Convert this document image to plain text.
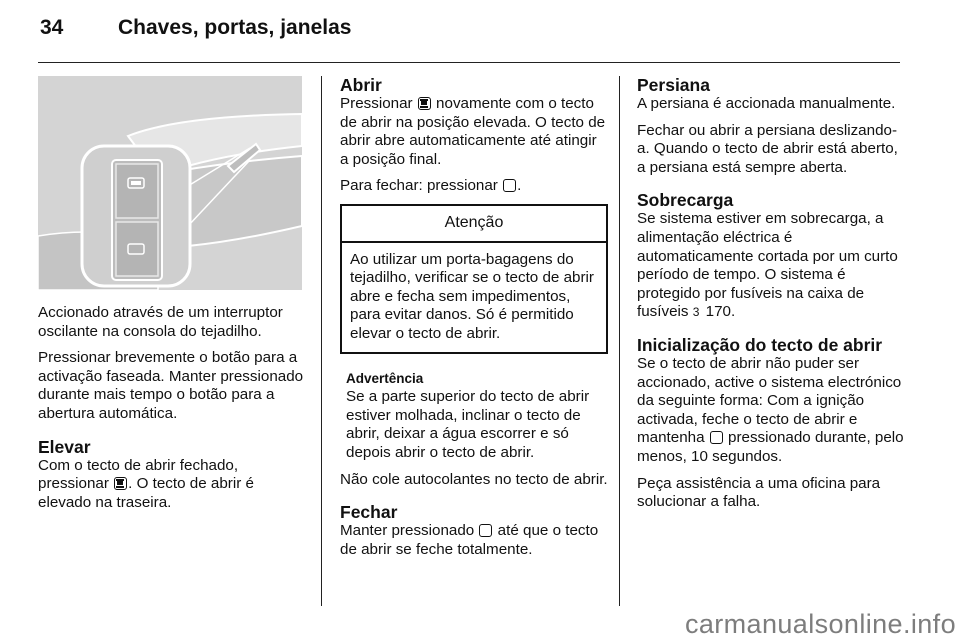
34	Chaves, portas, janelas

Accionado através de um interruptor oscilante na consola do tejadilho.

Pressionar brevemente o botão para a activação faseada. Manter pressionado durante mais tempo o botão para a abertura automática.

Elevar

Com o tecto de abrir fechado, pressionar . O tecto de abrir é elevado na traseira.

Abrir

Pressionar  novamente com o tecto de abrir na posição elevada. O tecto de abrir abre automaticamente até atingir a posição final.

Para fechar: pressionar .

Atenção
Ao utilizar um porta-bagagens do tejadilho, verificar se o tecto de abrir abre e fecha sem impedimentos, para evitar danos. Só é permitido elevar o tecto de abrir.
Advertência

Se a parte superior do tecto de abrir estiver molhada, inclinar o tecto de abrir, deixar a água escorrer e só depois abrir o tecto de abrir.

Não cole autocolantes no tecto de abrir.

Fechar

Manter pressionado  até que o tecto de abrir se feche totalmente.

Persiana

A persiana é accionada manualmente.

Fechar ou abrir a persiana deslizando-a. Quando o tecto de abrir está aberto, a persiana está sempre aberta.

Sobrecarga

Se sistema estiver em sobrecarga, a alimentação eléctrica é automaticamente cortada por um curto período de tempo. O sistema é protegido por fusíveis na caixa de fusíveis 3 170.

Inicialização do tecto de abrir

Se o tecto de abrir não puder ser accionado, active o sistema electrónico da seguinte forma: Com a ignição activada, feche o tecto de abrir e mantenha  pressionado durante, pelo menos, 10 segundos.

Peça assistência a uma oficina para solucionar a falha.

carmanualsonline.info
